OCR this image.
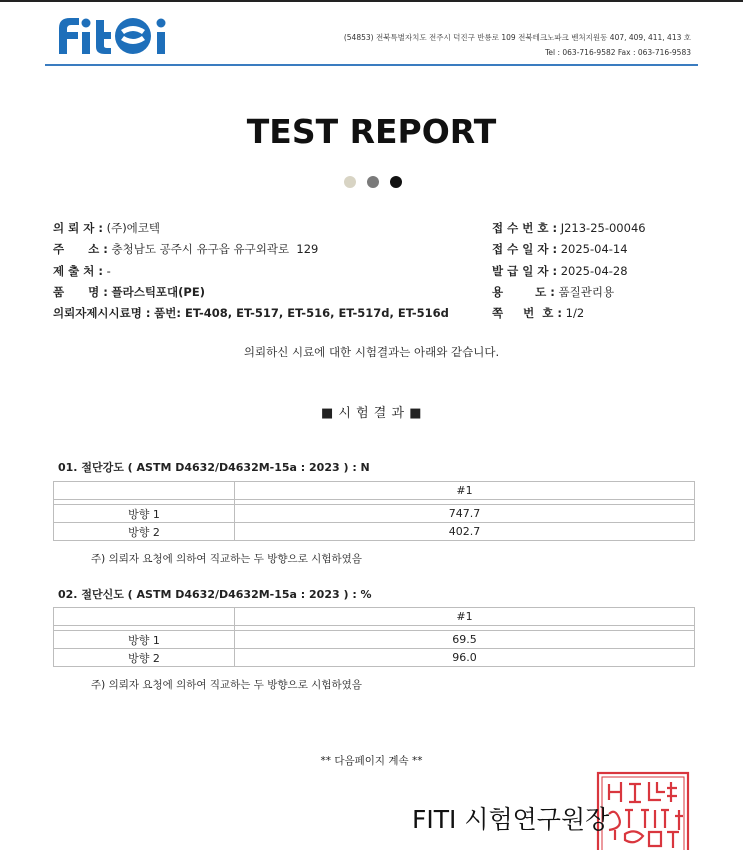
(54853) 전북특별자치도 전주시 덕진구 반룡로 109 전북테크노파크 벤처지원동 407, 409, 411, 413 호
Tel : 063-716-9582 Fax : 063-716-9583
TEST REPORT
의 뢰 자 :
(주)에코텍
주      소 :
충청남도 공주시 유구읍 유구외곽로  129
제 출 처 :
-
품      명 :
플라스틱포대(PE)
의뢰자제시시료명 :
품번: ET-408, ET-517, ET-516, ET-517d, ET-516d
접 수 번 호 :
J213-25-00046
접 수 일 자 :
2025-04-14
발 급 일 자 :
2025-04-28
용        도 :
품질관리용
쪽     번  호 :
1/2
의뢰하신 시료에 대한 시험결과는 아래와 같습니다.
■ 시 험 결 과 ■
01. 절단강도 ( ASTM D4632/D4632M-15a : 2023 ) : N
	#1

방향 1	747.7
방향 2	402.7
주) 의뢰자 요청에 의하여 직교하는 두 방향으로 시험하였음
02. 절단신도 ( ASTM D4632/D4632M-15a : 2023 ) : %
	#1

방향 1	69.5
방향 2	96.0
주) 의뢰자 요청에 의하여 직교하는 두 방향으로 시험하였음
** 다음페이지 계속 **
FITI 시험연구원장
